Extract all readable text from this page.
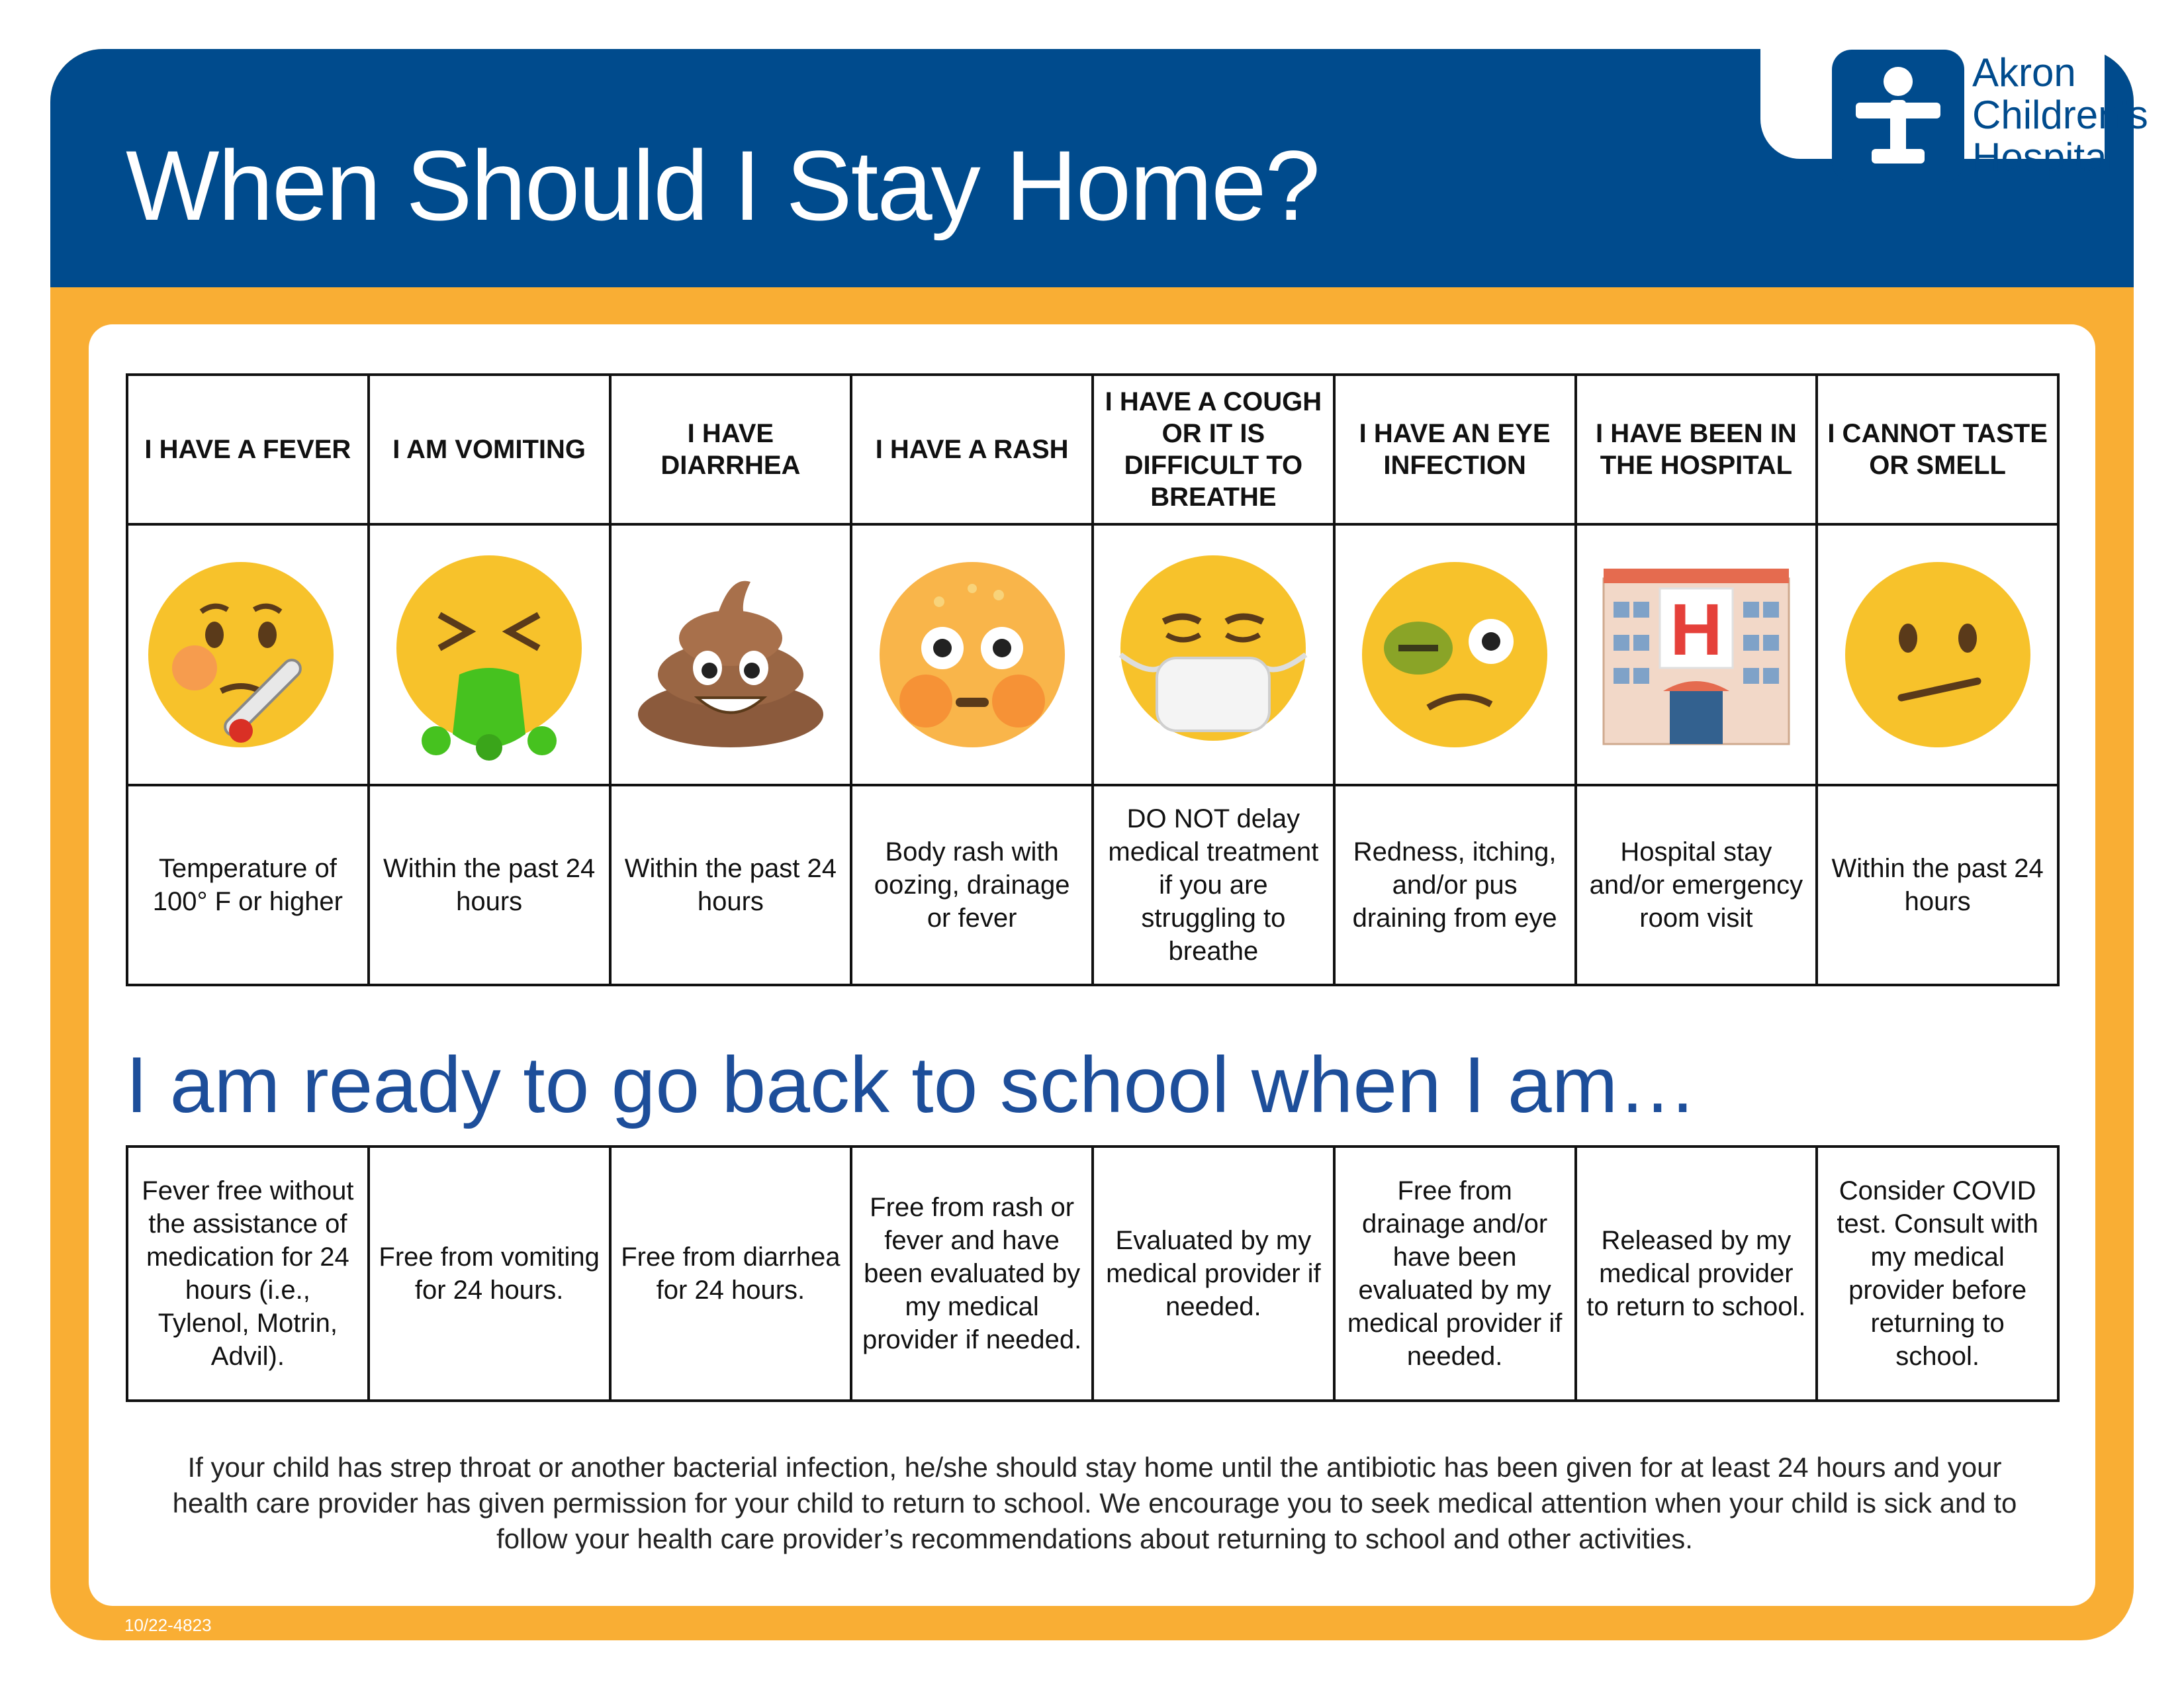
When Should I Stay Home?
10/22-4823
Akron
Children’s
Hospital
I HAVE A FEVER	I AM VOMITING	I HAVE DIARRHEA	I HAVE A RASH	I HAVE A COUGH OR IT IS DIFFICULT TO BREATHE	I HAVE AN EYE INFECTION	I HAVE BEEN IN THE HOSPITAL	I CANNOT TASTE OR SMELL

H

Temperature of 100° F or higher	Within the past 24 hours	Within the past 24 hours	Body rash with oozing, drainage or fever	DO NOT delay medical treatment if you are struggling to breathe	Redness, itching, and/or pus draining from eye	Hospital stay and/or emergency room visit	Within the past 24 hours
I am ready to go back to school when I am…
Fever free without the assistance of medication for 24 hours (i.e., Tylenol, Motrin, Advil).	Free from vomiting for 24 hours.	Free from diarrhea for 24 hours.	Free from rash or fever and have been evaluated by my medical provider if needed.	Evaluated by my medical provider if needed.	Free from drainage and/or have been evaluated by my medical provider if needed.	Released by my medical provider to return to school.	Consider COVID test. Consult with my medical provider before returning to school.
If your child has strep throat or another bacterial infection, he/she should stay home until the antibiotic has been given for at least 24 hours and your health care provider has given permission for your child to return to school. We encourage you to seek medical attention when your child is sick and to follow your health care provider’s recommendations about returning to school and other activities.
